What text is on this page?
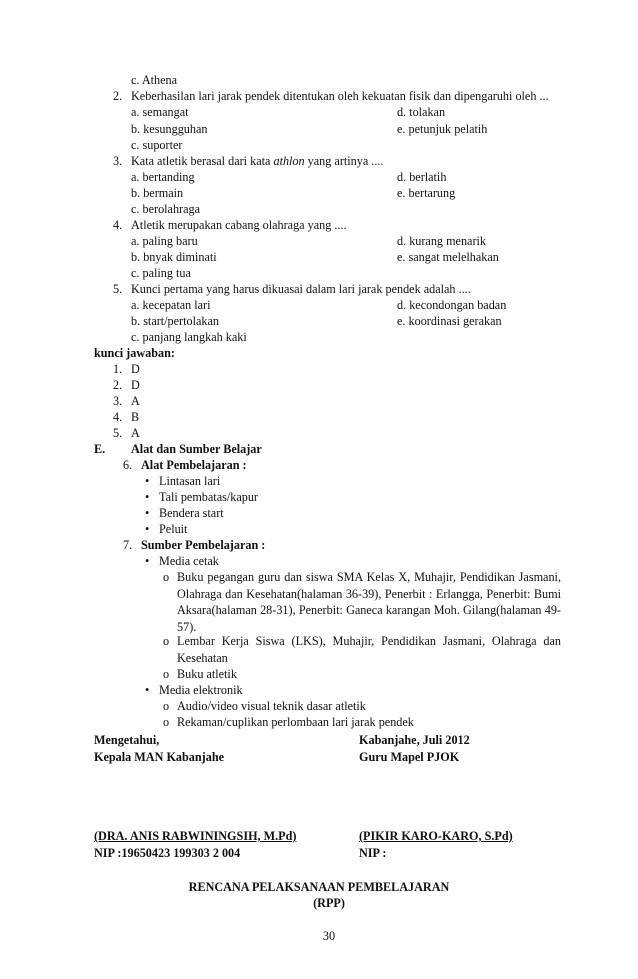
c. Athena
2. Keberhasilan lari jarak pendek ditentukan oleh kekuatan fisik dan dipengaruhi oleh ...
a. semangat	d. tolakan
b. kesungguhan	e. petunjuk pelatih
c. suporter
3. Kata atletik berasal dari kata athlon yang artinya ....
a. bertanding	d. berlatih
b. bermain	e. bertarung
c. berolahraga
4. Atletik merupakan cabang olahraga yang ....
a. paling baru	d. kurang menarik
b. bnyak diminati	e. sangat melelhakan
c. paling tua
5. Kunci pertama yang harus dikuasai dalam lari jarak pendek adalah ....
a. kecepatan lari	d. kecondongan badan
b. start/pertolakan	e. koordinasi gerakan
c. panjang langkah kaki
kunci jawaban:
1. D
2. D
3. A
4. B
5. A
E. Alat dan Sumber Belajar
6. Alat Pembelajaran :
• Lintasan lari
• Tali pembatas/kapur
• Bendera start
• Peluit
7. Sumber Pembelajaran :
• Media cetak
o Buku pegangan guru dan siswa SMA Kelas X, Muhajir, Pendidikan Jasmani, Olahraga dan Kesehatan(halaman 36-39), Penerbit : Erlangga, Penerbit: Bumi Aksara(halaman 28-31), Penerbit: Ganeca karangan Moh. Gilang(halaman 49-57).
o Lembar Kerja Siswa (LKS), Muhajir, Pendidikan Jasmani, Olahraga dan Kesehatan
o Buku atletik
• Media elektronik
o Audio/video visual teknik dasar atletik
o Rekaman/cuplikan perlombaan lari jarak pendek
Mengetahui,	Kabanjahe, Juli 2012
Kepala MAN Kabanjahe	Guru Mapel PJOK
(DRA. ANIS RABWININGSIH, M.Pd)	(PIKIR KARO-KARO, S.Pd)
NIP :19650423 199303 2 004	NIP :
RENCANA PELAKSANAAN PEMBELAJARAN
(RPP)
30
